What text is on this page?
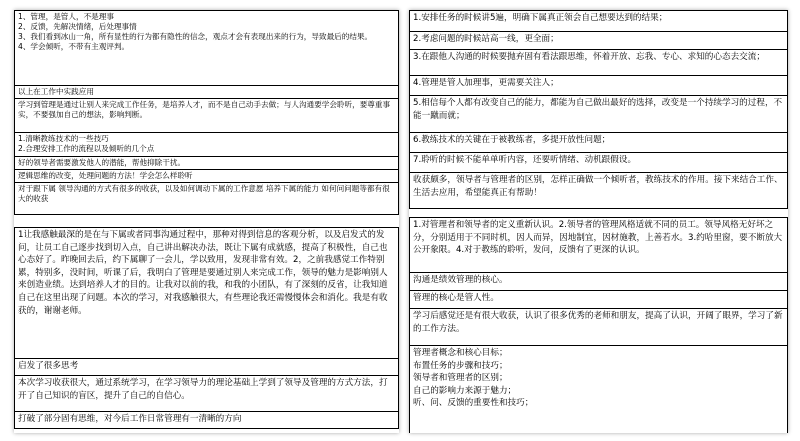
1、管理，是管人，不是理事
2、反馈，先解决情绪，后处理事情
3、我们看到冰山一角，所有显性的行为都有隐性的信念，观点才会有表现出来的行为，导致最后的结果。
4、学会倾听，不带有主观评判。
以上在工作中实践应用
学习到管理是通过让别人来完成工作任务，是培养人才，而不是自己动手去做；与人沟通要学会聆听，要尊重事实，不要强加自己的想法，影响判断。
1.清晰教练技术的一些技巧
2.合理安排工作的流程以及倾听的几个点
好的领导者需要激发他人的潜能，帮他抑除干扰。
逻辑思维的改变，处理问题的方法！学会怎么样聆听
对于跟下属 领导沟通的方式有很多的收获，以及如何调动下属的工作意愿 培养下属的能力 如何问问题等都有很大的收获
1让我感触最深的是在与下属或者同事沟通过程中，那种对得到信息的客观分析，以及启发式的发问，让员工自己逐步找到切入点，自己讲出解决办法，既让下属有成就感，提高了积极性，自己也心态好了。昨晚回去后，约下属聊了一会儿，学以致用，发现非常有效。2，之前我感觉工作特别累，特别多，没时间，听课了后，我明白了管理是要通过别人来完成工作，领导的魅力是影响别人来创造业绩。达到培养人才的目的。让我对以前的我，和我的小团队，有了深刻的反省，让我知道自己在这里出现了问题。本次的学习，对我感触很大，有些理论我还需慢慢体会和消化。我是有收获的，谢谢老师。
启发了很多思考
本次学习收获很大，通过系统学习，在学习领导力的理论基础上学到了领导及管理的方式方法，打开了自己知识的盲区，提升了自己的自信心。
打破了部分固有思维，对今后工作日常管理有一清晰的方向
1.安排任务的时候讲5遍，明确下属真正领会自己想要达到的结果；
2.考虑问题的时候站高一线，更全面；
3.在跟他人沟通的时候要抛弃固有看法跟思维，怀着开放、忘我、专心、求知的心态去交流；
4.管理是管人加理事，更需要关注人；
5.相信每个人都有改变自己的能力，都能为自己做出最好的选择，改变是一个持续学习的过程，不能一蹴而就；
6.教练技术的关键在于被教练者，多提开放性问题；
7.聆听的时候不能单单听内容，还要听情绪、动机跟假设。
收获颇多，领导者与管理者的区别，怎样正确做一个倾听者，教练技术的作用。接下来结合工作、生活去应用，希望能真正有帮助！
1.对管理者和领导者的定义重新认识。2.领导者的管理风格适就不同的员工。领导风格无好坏之分，分别适用于不同时机，因人而异，因地制宜，因材施教，上善若水。3.约哈里窗，要不断放大公开象限。4.对于教练的聆听，发问，反馈有了更深的认识。
沟通是绩效管理的核心。
管理的核心是管人性。
学习后感觉还是有很大收获，认识了很多优秀的老师和朋友，提高了认识，开阔了眼界，学习了新的工作方法。
管理者概念和核心目标；
布置任务的步骤和技巧；
领导者和管理者的区别；
自己的影响力来源于魅力；
听、问、反馈的重要性和技巧；
